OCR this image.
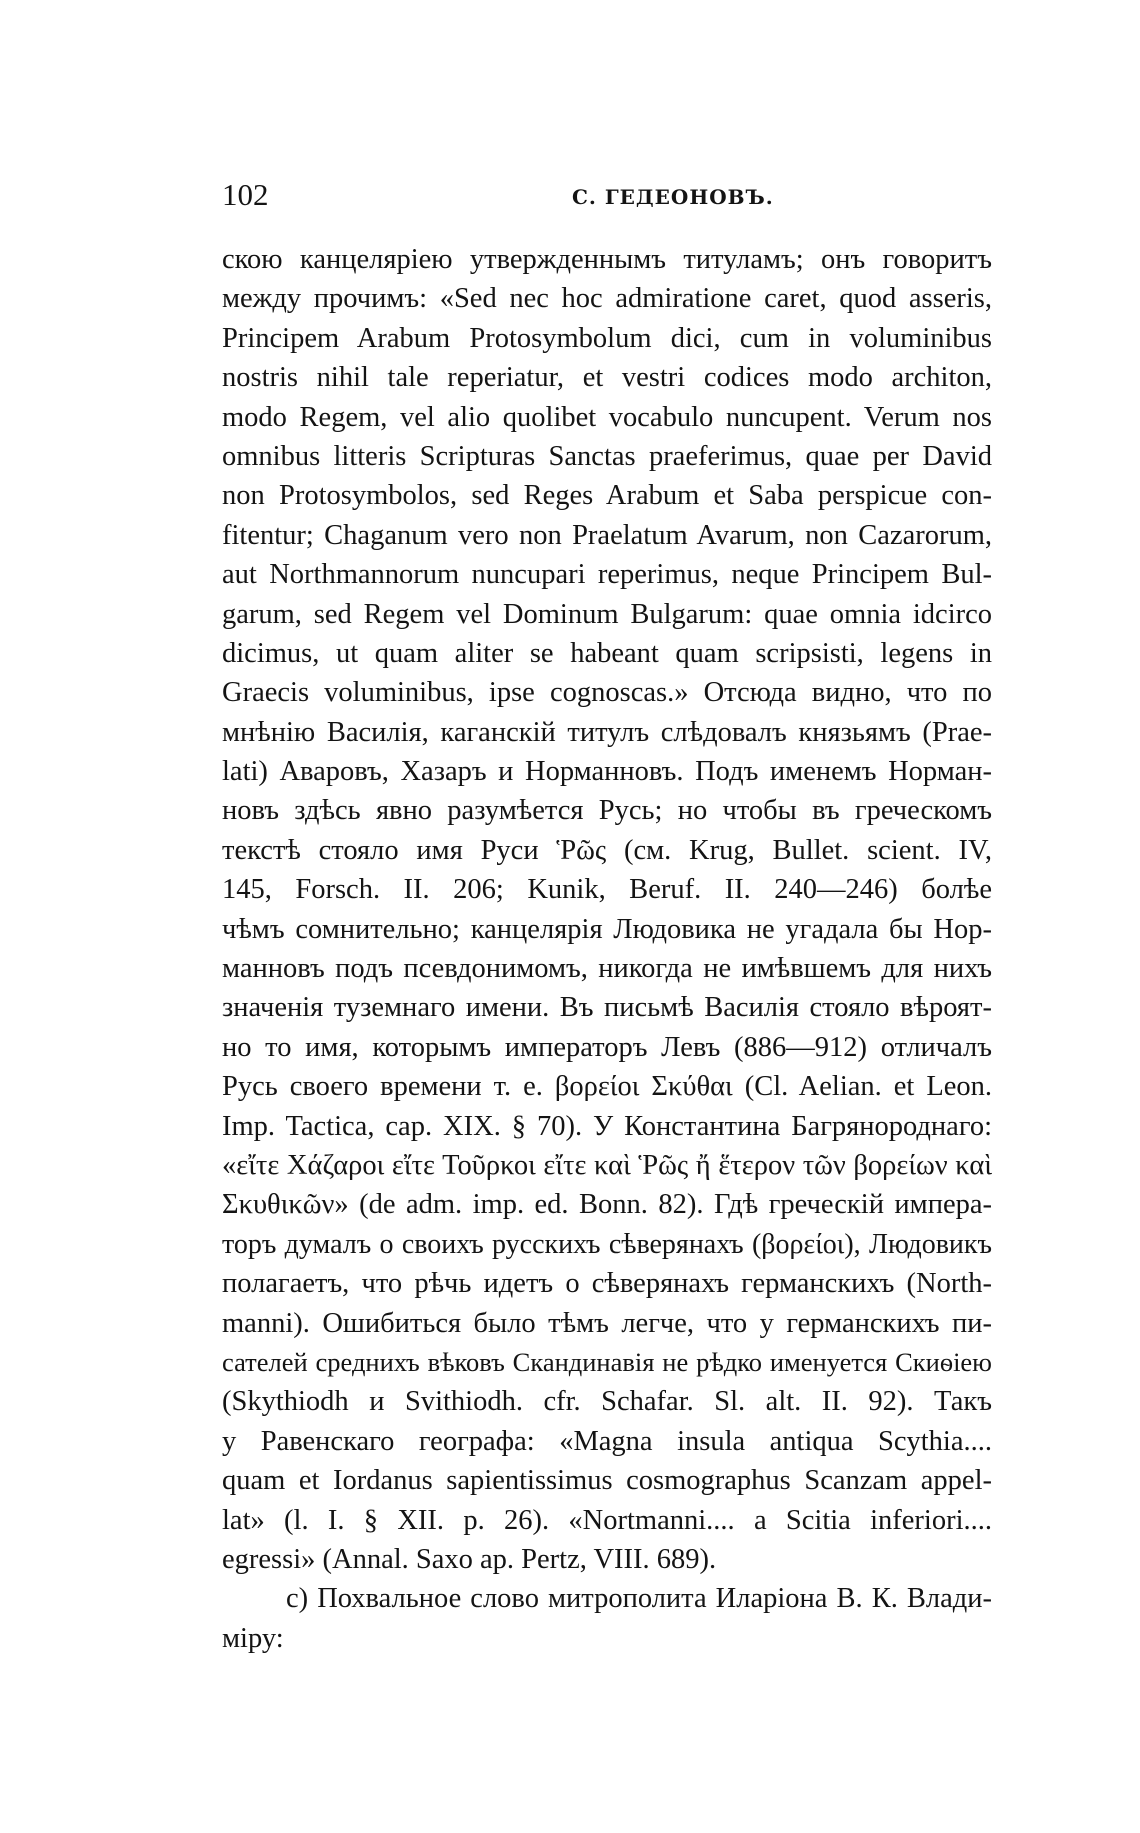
102	С. ГЕДЕОНОВЪ.
скою канцеляріею утвержденнымъ титуламъ; онъ говоритъ
между прочимъ: «Sed nec hoc admiratione caret, quod asseris,
Principem Arabum Protosymbolum dici, cum in voluminibus
nostris nihil tale reperiatur, et vestri codices modo architon,
modo Regem, vel alio quolibet vocabulo nuncupent. Verum nos
omnibus litteris Scripturas Sanctas praeferimus, quae per David
non Protosymbolos, sed Reges Arabum et Saba perspicue con-
fitentur; Chaganum vero non Praelatum Avarum, non Cazarorum,
aut Northmannorum nuncupari reperimus, neque Principem Bul-
garum, sed Regem vel Dominum Bulgarum: quae omnia idcirco
dicimus, ut quam aliter se habeant quam scripsisti, legens in
Graecis voluminibus, ipse cognoscas.» Отсюда видно, что по
мнѣнію Василія, каганскій титулъ слѣдовалъ князьямъ (Prae-
lati) Аваровъ, Хазаръ и Норманновъ. Подъ именемъ Норман-
новъ здѣсь явно разумѣется Русь; но чтобы въ греческомъ
текстѣ стояло имя Руси Ῥῶς (см. Krug, Bullet. scient. IV,
145, Forsch. II. 206; Kunik, Beruf. II. 240—246) болѣе
чѣмъ сомнительно; канцелярія Людовика не угадала бы Нор-
манновъ подъ псевдонимомъ, никогда не имѣвшемъ для нихъ
значенія туземнаго имени. Въ письмѣ Василія стояло вѣроят-
но то имя, которымъ императоръ Левъ (886—912) отличалъ
Русь своего времени т. е. βορείοι Σκύθαι (Cl. Aelian. et Leon.
Imp. Tactica, cap. XIX. § 70). У Константина Багрянороднаго:
«εἴτε Χάζαροι εἴτε Τοῦρκοι εἴτε καὶ Ῥῶς ἤ ἕτερον τῶν βορείων καὶ
Σκυθικῶν» (de adm. imp. ed. Bonn. 82). Гдѣ греческій импера-
торъ думалъ о своихъ русскихъ сѣверянахъ (βορείοι), Людовикъ
полагаетъ, что рѣчь идетъ о сѣверянахъ германскихъ (North-
manni). Ошибиться было тѣмъ легче, что у германскихъ пи-
сателей среднихъ вѣковъ Скандинавія не рѣдко именуется Скиѳіею
(Skythiodh и Svithiodh. cfr. Schafar. Sl. alt. II. 92). Такъ
у Равенскаго географа: «Magna insula antiqua Scythia....
quam et Iordanus sapientissimus cosmographus Scanzam appel-
lat» (l. I. § XII. p. 26). «Nortmanni.... a Scitia inferiori....
egressi» (Annal. Saxo ap. Pertz, VIII. 689).
c) Похвальное слово митрополита Иларіона В. К. Влади-
міру:
